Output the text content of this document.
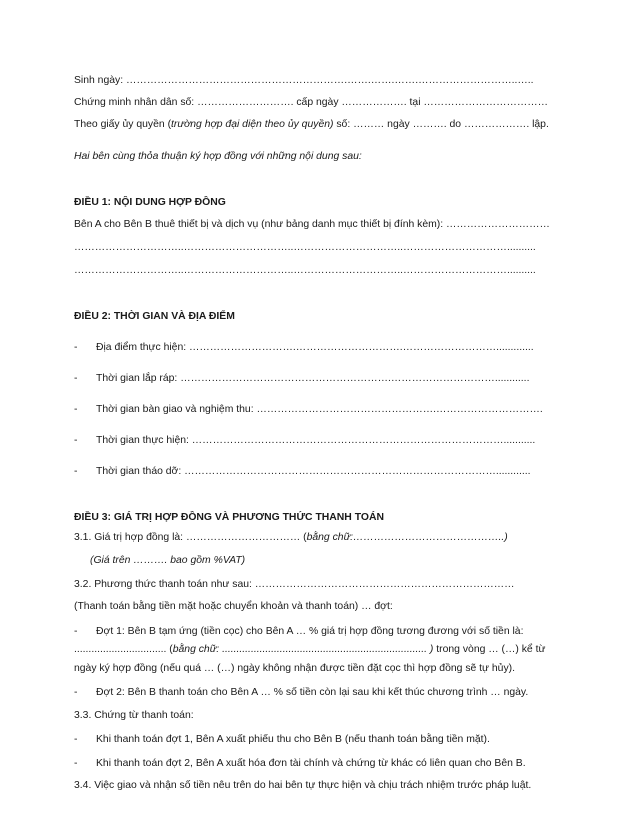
Sinh ngày: ……………………………………………………….…….…….…….………………………..…..
Chứng minh nhân dân số: ………………………. cấp ngày ………………. tại ………………………………
Theo giấy ủy quyền (trường hợp đại diện theo ủy quyền) số: ……… ngày ………. do ………………. lập.
Hai bên cùng thỏa thuận ký hợp đồng với những nội dung sau:
ĐIỀU 1: NỘI DUNG HỢP ĐỒNG
Bên A cho Bên B thuê thiết bị và dịch vụ (như bảng danh mục thiết bị đính kèm): …………………………
…………………………..…………………………..…………………………..…………………………..........
…………………………..…………………………..…………………………..…………………………..........
ĐIỀU 2: THỜI GIAN VÀ ĐỊA ĐIỂM
- Địa điểm thực hiện: ………………………….………………………….……………………….............
- Thời gian lắp ráp: …………………………………………………….…………………………............
- Thời gian bàn giao và nghiệm thu: …………………………………………….………………………….
- Thời gian thực hiện: ………………………………………………………………………………...........
- Thời gian tháo dỡ: ………………………………………………………………………………............
ĐIỀU 3: GIÁ TRỊ HỢP ĐỒNG VÀ PHƯƠNG THỨC THANH TOÁN
3.1. Giá trị hợp đồng là: …………………………… (bằng chữ:……………………………………..)
(Giá trên ………. bao gồm %VAT)
3.2. Phương thức thanh toán như sau: …………………………………………………………………
(Thanh toán bằng tiền mặt hoặc chuyển khoản và thanh toán) … đợt:
- Đợt 1: Bên B tạm ứng (tiền cọc) cho Bên A … % giá trị hợp đồng tương đương với số tiền là:
................................ (bằng chữ: ....................................................................... ) trong vòng … (…) kể từ
ngày ký hợp đồng (nếu quá … (…) ngày không nhận được tiền đặt cọc thì hợp đồng sẽ tự hủy).
- Đợt 2: Bên B thanh toán cho Bên A … % số tiền còn lại sau khi kết thúc chương trình … ngày.
3.3. Chứng từ thanh toán:
- Khi thanh toán đợt 1, Bên A xuất phiếu thu cho Bên B (nếu thanh toán bằng tiền mặt).
- Khi thanh toán đợt 2, Bên A xuất hóa đơn tài chính và chứng từ khác có liên quan cho Bên B.
3.4. Việc giao và nhận số tiền nêu trên do hai bên tự thực hiện và chịu trách nhiệm trước pháp luật.
